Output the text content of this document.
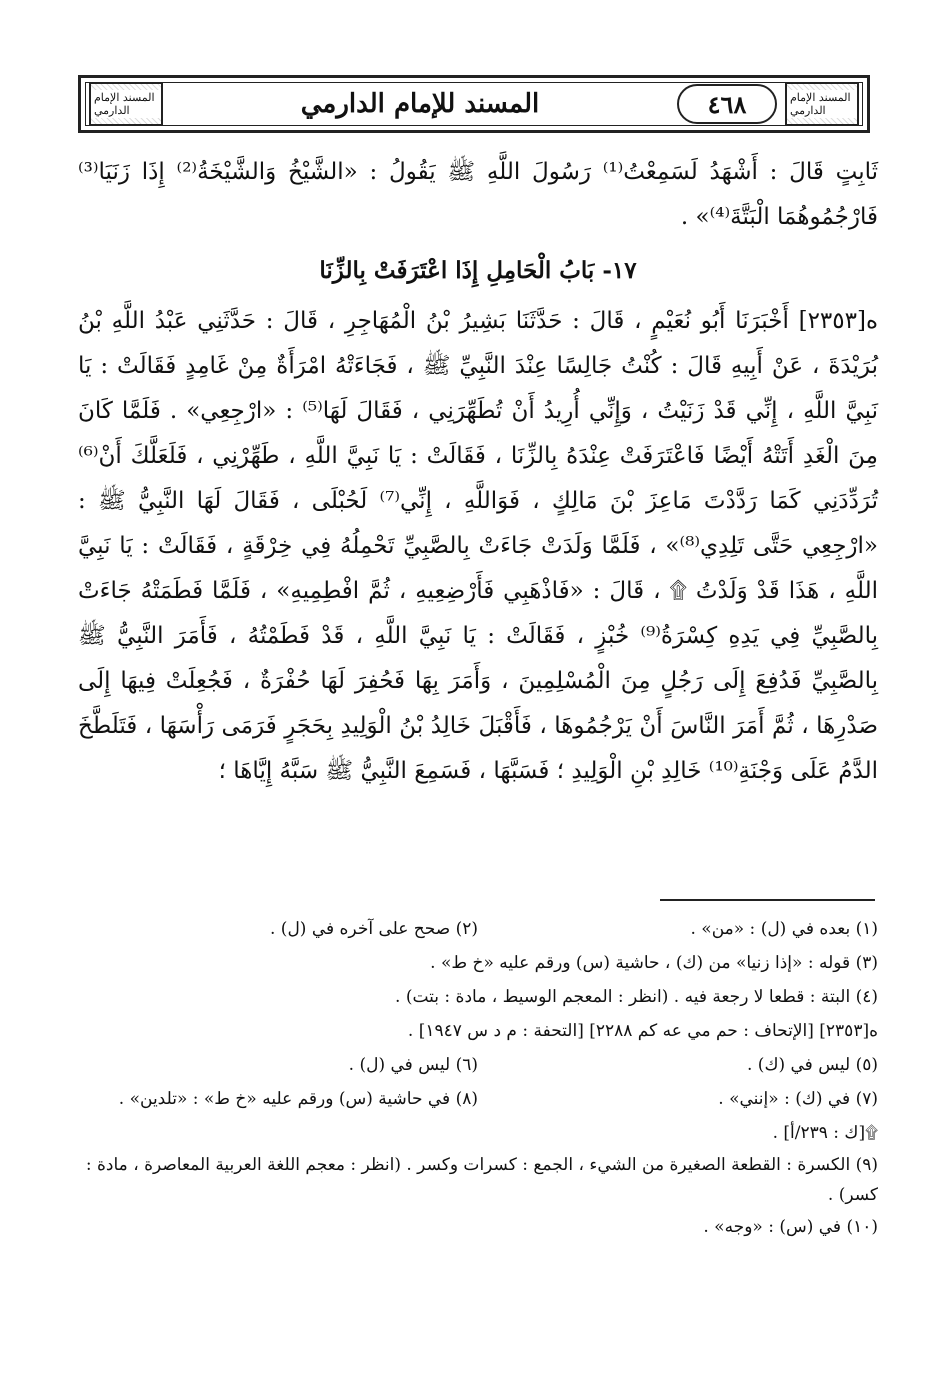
المسند الإمام الدارمي	المسند للإمام الدارمي	٤٦٨	المسند الإمام الدارمي

ثَابِتٍ قَالَ : أَشْهَدُ لَسَمِعْتُ⁽¹⁾ رَسُولَ اللَّهِ ﷺ يَقُولُ : «الشَّيْخُ وَالشَّيْخَةُ⁽²⁾ إِذَا زَنَيَا⁽³⁾ فَارْجُمُوهُمَا الْبَتَّةَ⁽⁴⁾» .

١٧- بَابُ الْحَامِلِ إِذَا اعْتَرَفَتْ بِالزِّنَا

ه[٢٣٥٣] أَخْبَرَنَا أَبُو نُعَيْمٍ ، قَالَ : حَدَّثَنَا بَشِيرُ بْنُ الْمُهَاجِرِ ، قَالَ : حَدَّثَنِي عَبْدُ اللَّهِ بْنُ بُرَيْدَةَ ، عَنْ أَبِيهِ قَالَ : كُنْتُ جَالِسًا عِنْدَ النَّبِيِّ ﷺ ، فَجَاءَتْهُ امْرَأَةٌ مِنْ غَامِدٍ فَقَالَتْ : يَا نَبِيَّ اللَّهِ ، إِنِّي قَدْ زَنَيْتُ ، وَإِنِّي أُرِيدُ أَنْ تُطَهِّرَنِي ، فَقَالَ لَهَا⁽⁵⁾ : «ارْجِعِي» . فَلَمَّا كَانَ مِنَ الْغَدِ أَتَتْهُ أَيْضًا فَاعْتَرَفَتْ عِنْدَهُ بِالزِّنَا ، فَقَالَتْ : يَا نَبِيَّ اللَّهِ ، طَهِّرْنِي ، فَلَعَلَّكَ أَنْ⁽⁶⁾ تُرَدِّدَنِي كَمَا رَدَّدْتَ مَاعِزَ بْنَ مَالِكٍ ، فَوَاللَّهِ ، إِنِّي⁽⁷⁾ لَحُبْلَى ، فَقَالَ لَهَا النَّبِيُّ ﷺ : «ارْجِعِي حَتَّى تَلِدِي⁽⁸⁾» ، فَلَمَّا وَلَدَتْ جَاءَتْ بِالصَّبِيِّ تَحْمِلُهُ فِي خِرْقَةٍ ، فَقَالَتْ : يَا نَبِيَّ اللَّهِ ، هَذَا قَدْ وَلَدْتُ ۩ ، قَالَ : «فَاذْهَبِي فَأَرْضِعِيهِ ، ثُمَّ افْطِمِيهِ» ، فَلَمَّا فَطَمَتْهُ جَاءَتْ بِالصَّبِيِّ فِي يَدِهِ كِسْرَةُ⁽⁹⁾ خُبْزٍ ، فَقَالَتْ : يَا نَبِيَّ اللَّهِ ، قَدْ فَطَمْتُهُ ، فَأَمَرَ النَّبِيُّ ﷺ بِالصَّبِيِّ فَدُفِعَ إِلَى رَجُلٍ مِنَ الْمُسْلِمِينَ ، وَأَمَرَ بِهَا فَحُفِرَ لَهَا حُفْرَةٌ ، فَجُعِلَتْ فِيهَا إِلَى صَدْرِهَا ، ثُمَّ أَمَرَ النَّاسَ أَنْ يَرْجُمُوهَا ، فَأَقْبَلَ خَالِدُ بْنُ الْوَلِيدِ بِحَجَرٍ فَرَمَى رَأْسَهَا ، فَتَلَطَّخَ الدَّمُ عَلَى وَجْنَةِ⁽¹⁰⁾ خَالِدِ بْنِ الْوَلِيدِ ؛ فَسَبَّهَا ، فَسَمِعَ النَّبِيُّ ﷺ سَبَّهُ إِيَّاهَا ؛

(١) بعده في (ل) : «من» .
(٢) صحح على آخره في (ل) .
(٣) قوله : «إذا زنيا» من (ك) ، حاشية (س) ورقم عليه «خ ط» .
(٤) البتة : قطعا لا رجعة فيه . (انظر : المعجم الوسيط ، مادة : بتت) .
ه[٢٣٥٣] [الإتحاف : حم مي عه كم ٢٢٨٨] [التحفة : م د س ١٩٤٧] .
(٥) ليس في (ك) .
(٦) ليس في (ل) .
(٧) في (ك) : «إنني» .
(٨) في حاشية (س) ورقم عليه «خ ط» : «تلدين» .
۩[ك : ٢٣٩/أ] .
(٩) الكسرة : القطعة الصغيرة من الشيء ، الجمع : كسرات وكسر . (انظر : معجم اللغة العربية المعاصرة ، مادة : كسر) .
(١٠) في (س) : «وجه» .
